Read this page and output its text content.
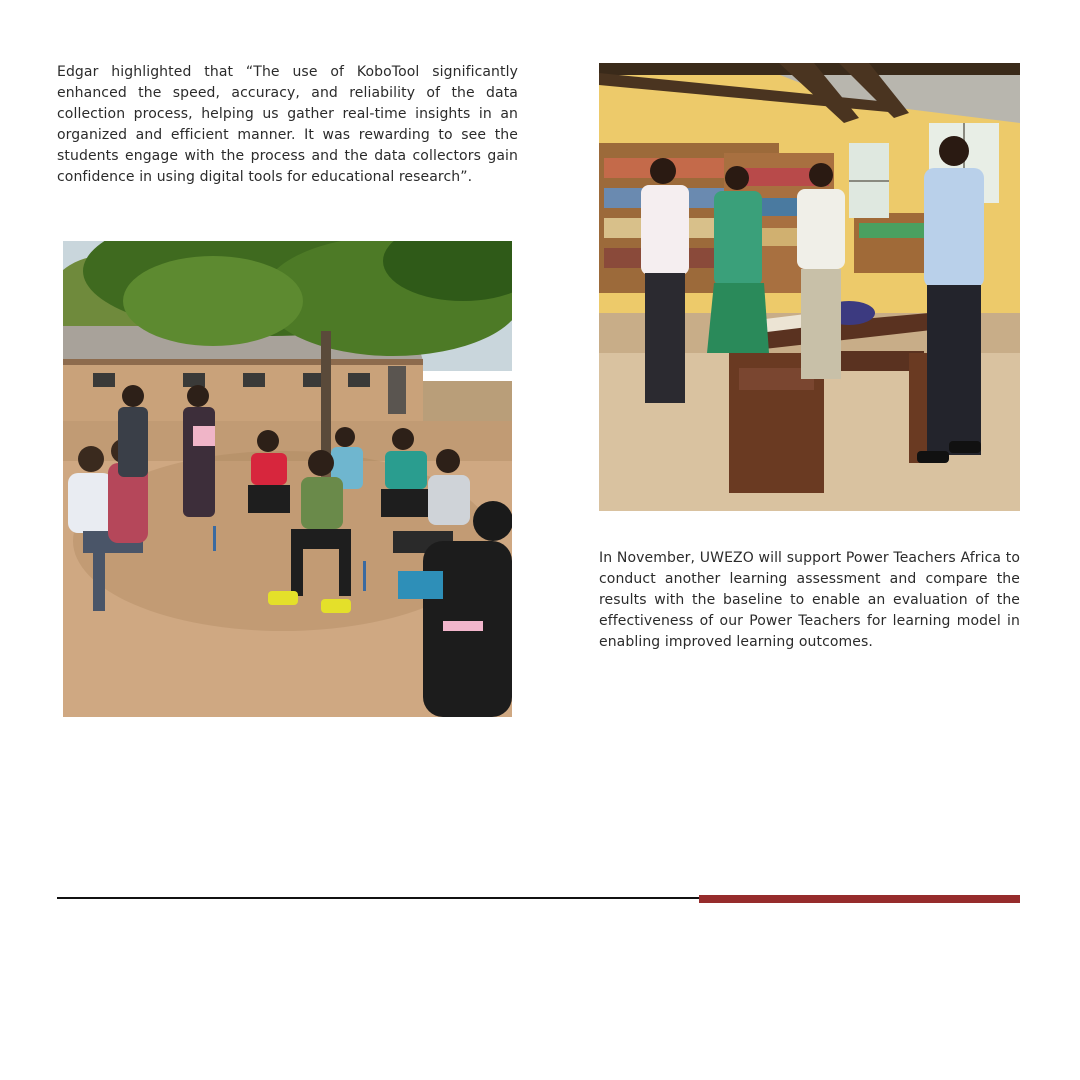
Edgar highlighted that “The use of KoboTool significantly enhanced the speed, accuracy, and reliability of the data collection process, helping us gather real-time insights in an organized and efficient manner. It was rewarding to see the students engage with the process and the data collectors gain confidence in using digital tools for educational research”.

In November, UWEZO will support Power Teachers Africa to conduct another learning assessment and compare the results with the baseline to enable an evaluation of the effectiveness of our Power Teachers for learning model in enabling improved learning outcomes.
